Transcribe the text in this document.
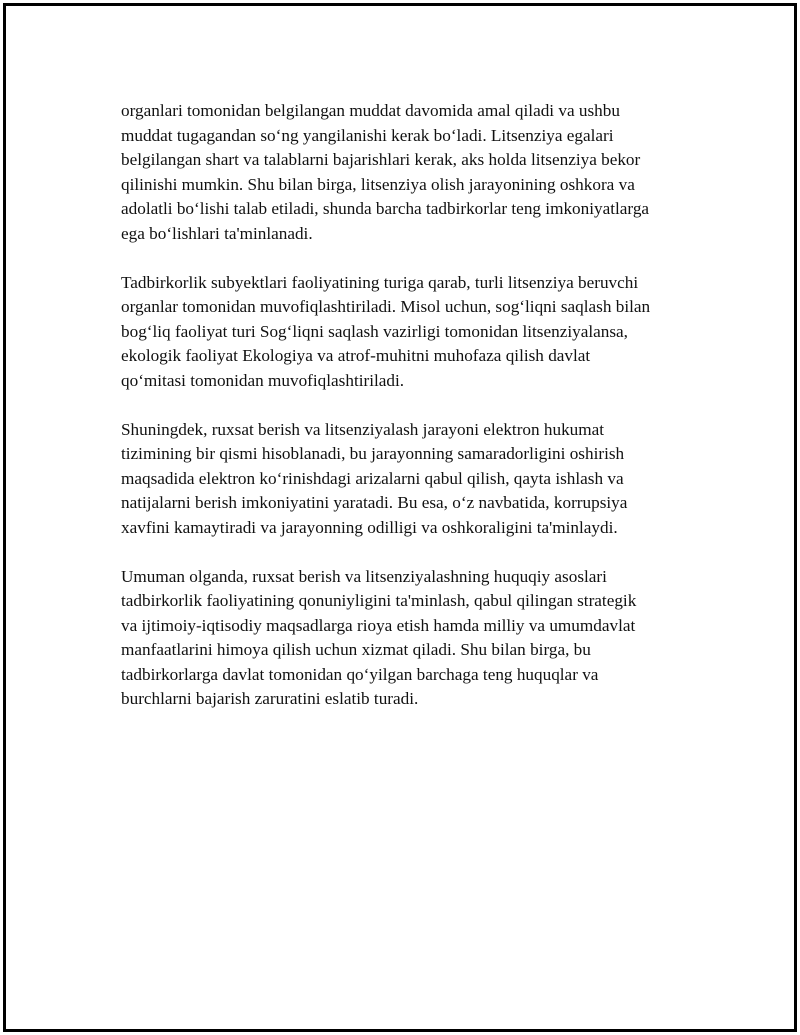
organlari tomonidan belgilangan muddat davomida amal qiladi va ushbu
muddat tugagandan so‘ng yangilanishi kerak bo‘ladi. Litsenziya egalari
belgilangan shart va talablarni bajarishlari kerak, aks holda litsenziya bekor
qilinishi mumkin. Shu bilan birga, litsenziya olish jarayonining oshkora va
adolatli bo‘lishi talab etiladi, shunda barcha tadbirkorlar teng imkoniyatlarga
ega bo‘lishlari ta'minlanadi.

Tadbirkorlik subyektlari faoliyatining turiga qarab, turli litsenziya beruvchi
organlar tomonidan muvofiqlashtiriladi. Misol uchun, sog‘liqni saqlash bilan
bog‘liq faoliyat turi Sog‘liqni saqlash vazirligi tomonidan litsenziyalansa,
ekologik faoliyat Ekologiya va atrof-muhitni muhofaza qilish davlat
qo‘mitasi tomonidan muvofiqlashtiriladi.

Shuningdek, ruxsat berish va litsenziyalash jarayoni elektron hukumat
tizimining bir qismi hisoblanadi, bu jarayonning samaradorligini oshirish
maqsadida elektron ko‘rinishdagi arizalarni qabul qilish, qayta ishlash va
natijalarni berish imkoniyatini yaratadi. Bu esa, o‘z navbatida, korrupsiya
xavfini kamaytiradi va jarayonning odilligi va oshkoraligini ta'minlaydi.

Umuman olganda, ruxsat berish va litsenziyalashning huquqiy asoslari
tadbirkorlik faoliyatining qonuniyligini ta'minlash, qabul qilingan strategik
va ijtimoiy-iqtisodiy maqsadlarga rioya etish hamda milliy va umumdavlat
manfaatlarini himoya qilish uchun xizmat qiladi. Shu bilan birga, bu
tadbirkorlarga davlat tomonidan qo‘yilgan barchaga teng huquqlar va
burchlarni bajarish zaruratini eslatib turadi.
